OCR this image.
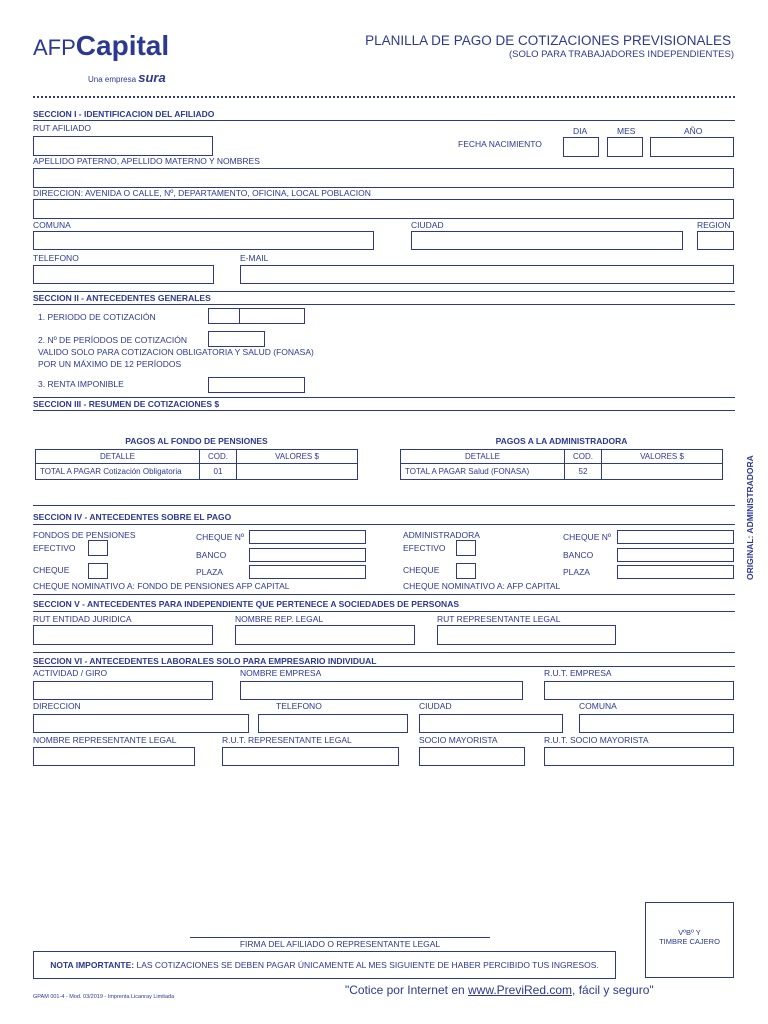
AFPCapital
Una empresa sura
PLANILLA DE PAGO DE COTIZACIONES PREVISIONALES
(SOLO PARA TRABAJADORES INDEPENDIENTES)
SECCION I - IDENTIFICACION DEL AFILIADO
RUT AFILIADO
FECHA NACIMIENTO
DIA	MES	AÑO
APELLIDO PATERNO, APELLIDO MATERNO Y NOMBRES
DIRECCION: AVENIDA O CALLE, Nº, DEPARTAMENTO, OFICINA, LOCAL POBLACION
COMUNA	CIUDAD	REGION
TELEFONO	E-MAIL
SECCION II - ANTECEDENTES GENERALES
1. PERIODO DE COTIZACIÓN
2. Nº DE PERÍODOS DE COTIZACIÓN
VALIDO SOLO PARA COTIZACION OBLIGATORIA Y SALUD (FONASA)
POR UN MÁXIMO DE 12 PERÍODOS
3. RENTA IMPONIBLE
SECCION III - RESUMEN DE COTIZACIONES $
PAGOS AL FONDO DE PENSIONES
DETALLE	COD.	VALORES $
TOTAL A PAGAR Cotización Obligatoria	01	
PAGOS A LA ADMINISTRADORA
DETALLE	COD.	VALORES $
TOTAL A PAGAR Salud (FONASA)	52		ORIGINAL: ADMINISTRADORA
SECCION IV - ANTECEDENTES SOBRE EL PAGO
FONDOS DE PENSIONES
EFECTIVO
CHEQUE
CHEQUE Nº
BANCO
PLAZA
CHEQUE NOMINATIVO A: FONDO DE PENSIONES AFP CAPITAL
ADMINISTRADORA
EFECTIVO
CHEQUE
CHEQUE Nº
BANCO
PLAZA
CHEQUE NOMINATIVO A: AFP CAPITAL
SECCION V - ANTECEDENTES PARA INDEPENDIENTE QUE PERTENECE A SOCIEDADES DE PERSONAS
RUT ENTIDAD JURIDICA	NOMBRE REP. LEGAL	RUT REPRESENTANTE LEGAL
SECCION VI - ANTECEDENTES LABORALES SOLO PARA EMPRESARIO INDIVIDUAL
ACTIVIDAD / GIRO	NOMBRE EMPRESA	R.U.T. EMPRESA
DIRECCION	TELEFONO	CIUDAD	COMUNA
NOMBRE REPRESENTANTE LEGAL	R.U.T. REPRESENTANTE LEGAL	SOCIO MAYORISTA	R.U.T. SOCIO MAYORISTA
VºBº Y
TIMBRE CAJERO
FIRMA DEL AFILIADO O REPRESENTANTE LEGAL
NOTA IMPORTANTE: LAS COTIZACIONES SE DEBEN PAGAR ÚNICAMENTE AL MES SIGUIENTE DE HABER PERCIBIDO TUS INGRESOS.
GPAM 001-4 - Mod. 03/2019 - Imprenta Licanray Limitada	"Cotice por Internet en www.PreviRed.com, fácil y seguro"
